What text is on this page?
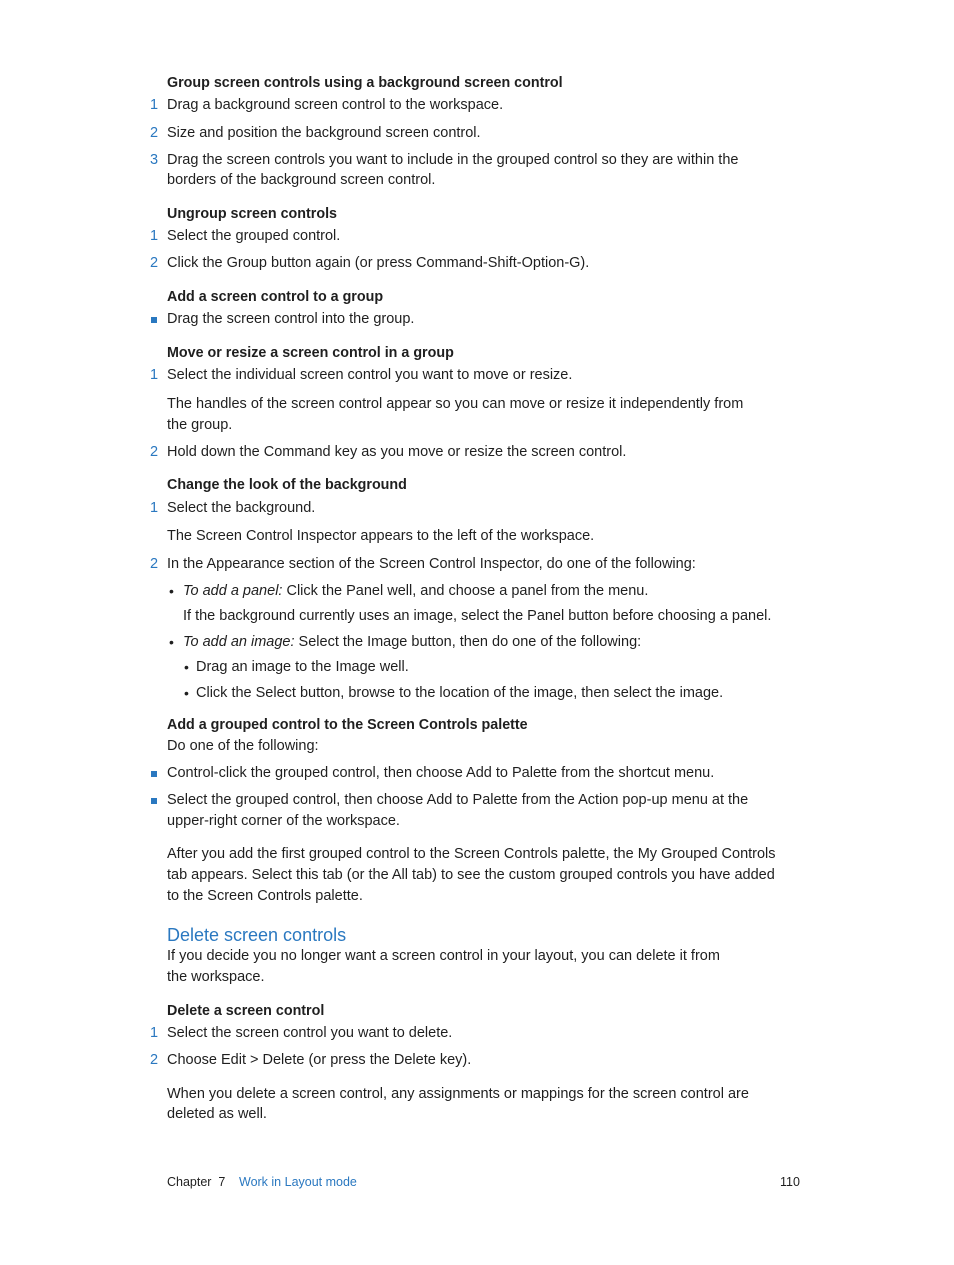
Group screen controls using a background screen control
1 Drag a background screen control to the workspace.
2 Size and position the background screen control.
3 Drag the screen controls you want to include in the grouped control so they are within the
borders of the background screen control.
Ungroup screen controls
1 Select the grouped control.
2 Click the Group button again (or press Command-Shift-Option-G).
Add a screen control to a group
Drag the screen control into the group.
Move or resize a screen control in a group
1 Select the individual screen control you want to move or resize.
The handles of the screen control appear so you can move or resize it independently from
the group.
2 Hold down the Command key as you move or resize the screen control.
Change the look of the background
1 Select the background.
The Screen Control Inspector appears to the left of the workspace.
2 In the Appearance section of the Screen Control Inspector, do one of the following:
• To add a panel: Click the Panel well, and choose a panel from the menu.
If the background currently uses an image, select the Panel button before choosing a panel.
• To add an image: Select the Image button, then do one of the following:
• Drag an image to the Image well.
• Click the Select button, browse to the location of the image, then select the image.
Add a grouped control to the Screen Controls palette
Do one of the following:
Control-click the grouped control, then choose Add to Palette from the shortcut menu.
Select the grouped control, then choose Add to Palette from the Action pop-up menu at the
upper-right corner of the workspace.
After you add the first grouped control to the Screen Controls palette, the My Grouped Controls
tab appears. Select this tab (or the All tab) to see the custom grouped controls you have added
to the Screen Controls palette.
Delete screen controls
If you decide you no longer want a screen control in your layout, you can delete it from
the workspace.
Delete a screen control
1 Select the screen control you want to delete.
2 Choose Edit > Delete (or press the Delete key).
When you delete a screen control, any assignments or mappings for the screen control are
deleted as well.
Chapter  7 Work in Layout mode	110
